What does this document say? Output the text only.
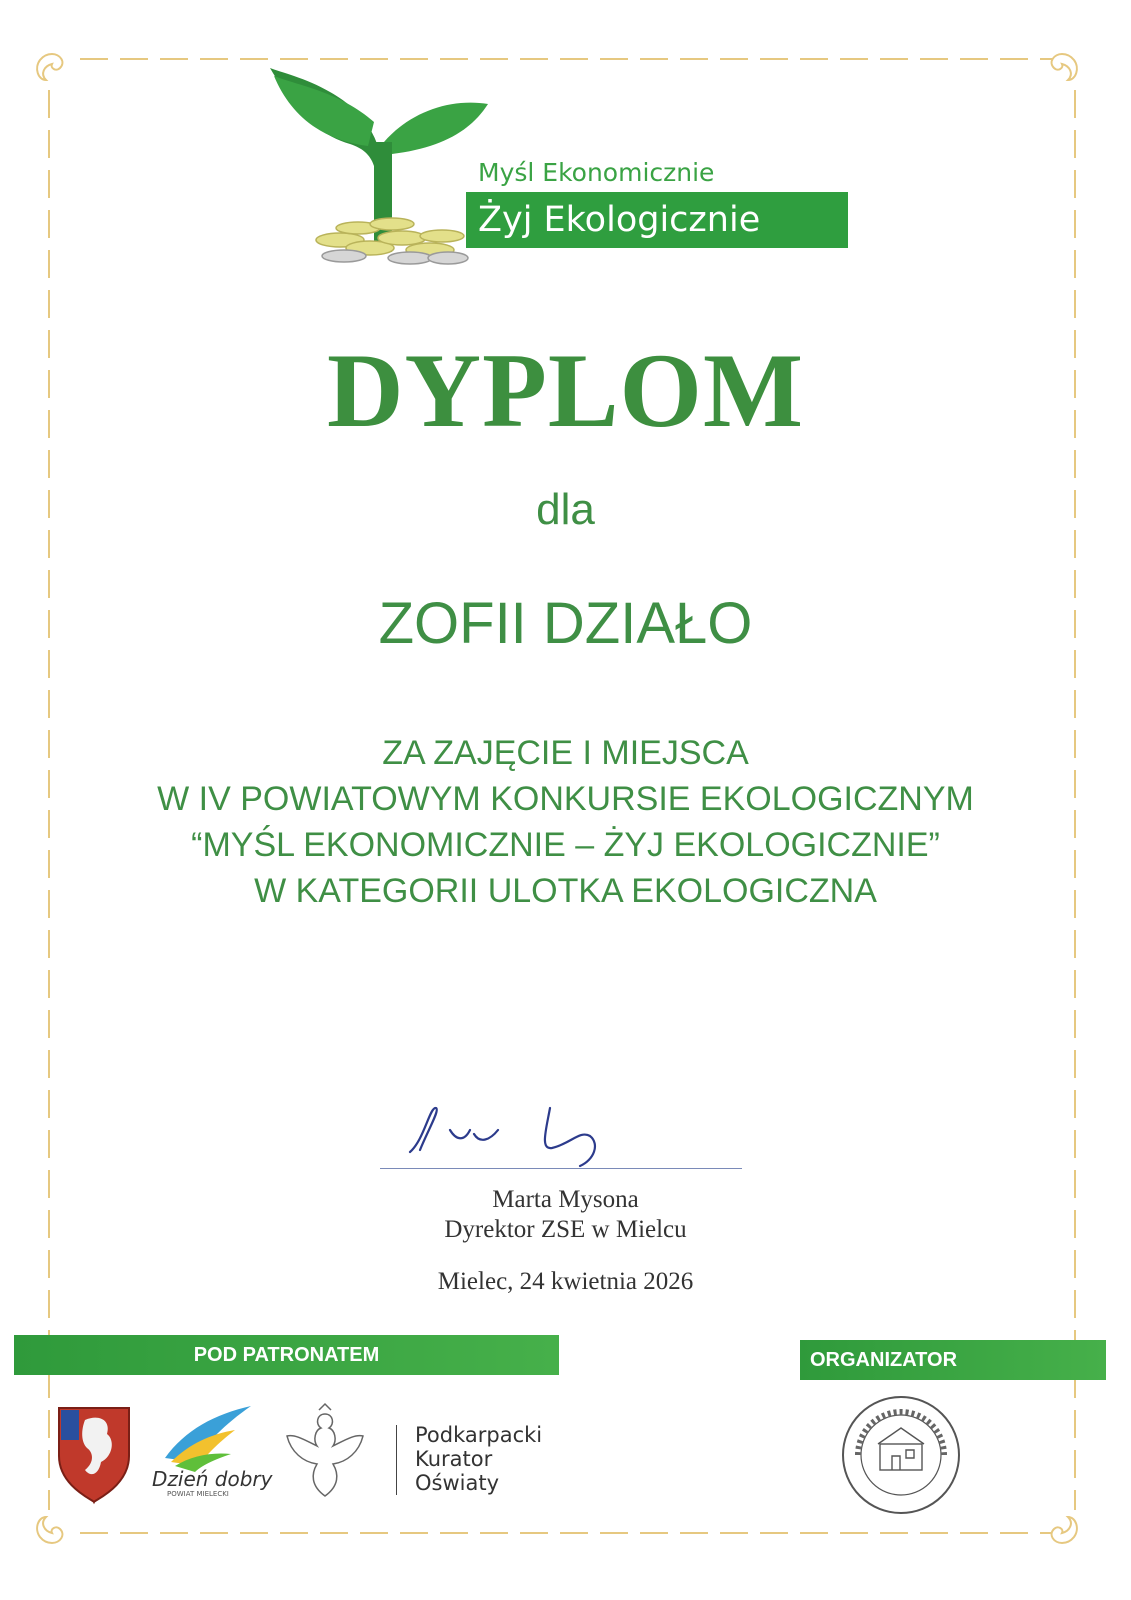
Myśl Ekonomicznie
Żyj Ekologicznie
DYPLOM
dla
ZOFII DZIAŁO
ZA ZAJĘCIE I MIEJSCA
W IV POWIATOWYM KONKURSIE EKOLOGICZNYM
“MYŚL EKONOMICZNIE – ŻYJ EKOLOGICZNIE”
W KATEGORII ULOTKA EKOLOGICZNA
Marta Mysona
Dyrektor ZSE w Mielcu
Mielec, 24 kwietnia 2026
POD PATRONATEM	ORGANIZATOR
Podkarpacki
Kurator
Oświaty
Dzień dobry
POWIAT MIELECKI
